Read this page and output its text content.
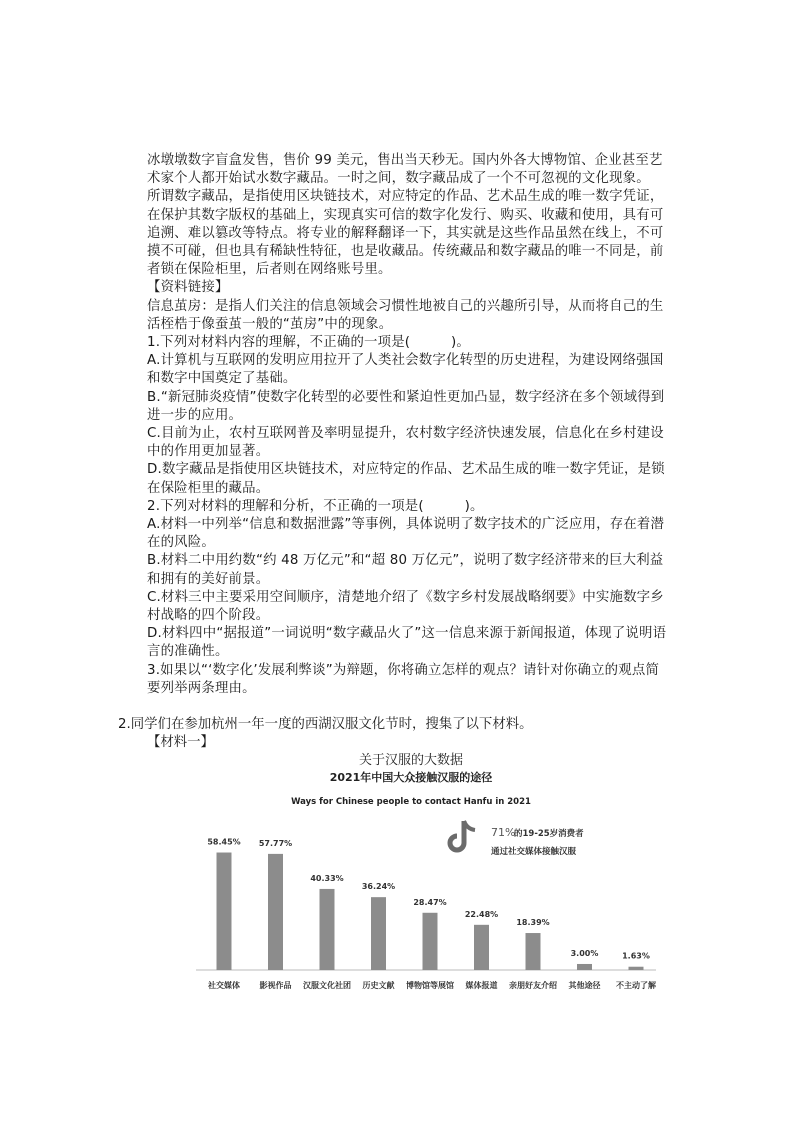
冰墩墩数字盲盒发售，售价 99 美元，售出当天秒无。国内外各大博物馆、企业甚至艺术家个人都开始试水数字藏品。一时之间，数字藏品成了一个不可忽视的文化现象。

所谓数字藏品，是指使用区块链技术，对应特定的作品、艺术品生成的唯一数字凭证，在保护其数字版权的基础上，实现真实可信的数字化发行、购买、收藏和使用，具有可追溯、难以篡改等特点。将专业的解释翻译一下，其实就是这些作品虽然在线上，不可摸不可碰，但也具有稀缺性特征，也是收藏品。传统藏品和数字藏品的唯一不同是，前者锁在保险柜里，后者则在网络账号里。

【资料链接】

信息茧房：是指人们关注的信息领域会习惯性地被自己的兴趣所引导，从而将自己的生活桎梏于像蚕茧一般的“茧房”中的现象。

1.下列对材料内容的理解，不正确的一项是(　　　)。

A.计算机与互联网的发明应用拉开了人类社会数字化转型的历史进程，为建设网络强国和数字中国奠定了基础。

B.“新冠肺炎疫情”使数字化转型的必要性和紧迫性更加凸显，数字经济在多个领域得到进一步的应用。

C.目前为止，农村互联网普及率明显提升，农村数字经济快速发展，信息化在乡村建设中的作用更加显著。

D.数字藏品是指使用区块链技术，对应特定的作品、艺术品生成的唯一数字凭证，是锁在保险柜里的藏品。

2.下列对材料的理解和分析，不正确的一项是(　　　)。

A.材料一中列举“信息和数据泄露”等事例，具体说明了数字技术的广泛应用，存在着潜在的风险。

B.材料二中用约数“约 48 万亿元”和“超 80 万亿元”，说明了数字经济带来的巨大利益和拥有的美好前景。

C.材料三中主要采用空间顺序，清楚地介绍了《数字乡村发展战略纲要》中实施数字乡村战略的四个阶段。

D.材料四中“据报道”一词说明“数字藏品火了”这一信息来源于新闻报道，体现了说明语言的准确性。

3.如果以“‘数字化’发展利弊谈”为辩题，你将确立怎样的观点？请针对你确立的观点简要列举两条理由。

2.同学们在参加杭州一年一度的西湖汉服文化节时，搜集了以下材料。
【材料一】
关于汉服的大数据
2021年中国大众接触汉服的途径
Ways for Chinese people to contact Hanfu in 2021
71%
的19-25岁消费者
通过社交媒体接触汉服
58.45%
社交媒体
57.77%
影视作品
40.33%
汉服文化社团
36.24%
历史文献
28.47%
博物馆等展馆
22.48%
媒体报道
18.39%
亲朋好友介绍
3.00%
其他途径
1.63%
不主动了解
